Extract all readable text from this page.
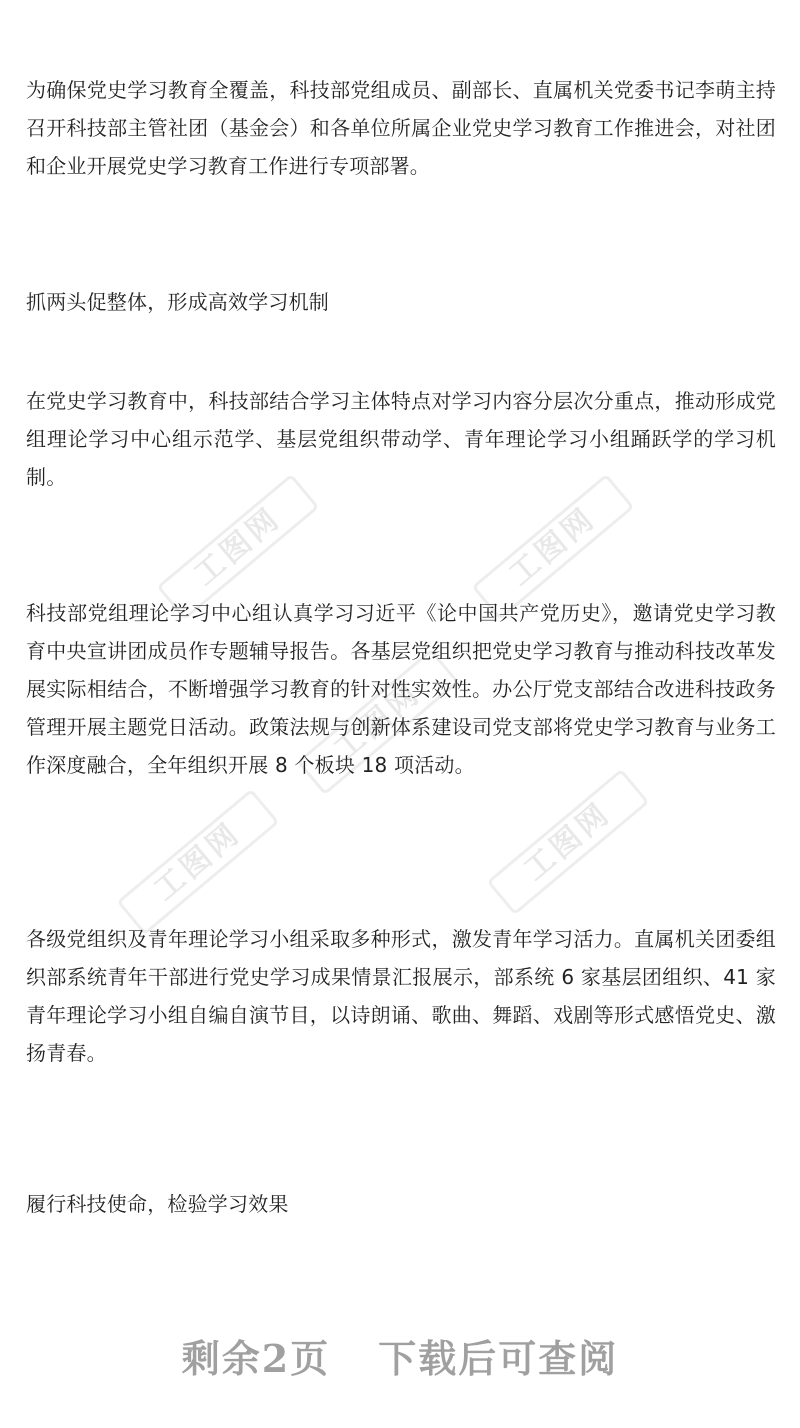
工图网	工图网
工图网
工图网	工图网

为确保党史学习教育全覆盖，科技部党组成员、副部长、直属机关党委书记李萌主持召开科技部主管社团（基金会）和各单位所属企业党史学习教育工作推进会，对社团和企业开展党史学习教育工作进行专项部署。

抓两头促整体，形成高效学习机制

在党史学习教育中，科技部结合学习主体特点对学习内容分层次分重点，推动形成党组理论学习中心组示范学、基层党组织带动学、青年理论学习小组踊跃学的学习机制。

科技部党组理论学习中心组认真学习习近平《论中国共产党历史》，邀请党史学习教育中央宣讲团成员作专题辅导报告。各基层党组织把党史学习教育与推动科技改革发展实际相结合，不断增强学习教育的针对性实效性。办公厅党支部结合改进科技政务管理开展主题党日活动。政策法规与创新体系建设司党支部将党史学习教育与业务工作深度融合，全年组织开展 8 个板块 18 项活动。

各级党组织及青年理论学习小组采取多种形式，激发青年学习活力。直属机关团委组织部系统青年干部进行党史学习成果情景汇报展示，部系统 6 家基层团组织、41 家青年理论学习小组自编自演节目，以诗朗诵、歌曲、舞蹈、戏剧等形式感悟党史、激扬青春。

履行科技使命，检验学习效果

剩余2页 下载后可查阅
